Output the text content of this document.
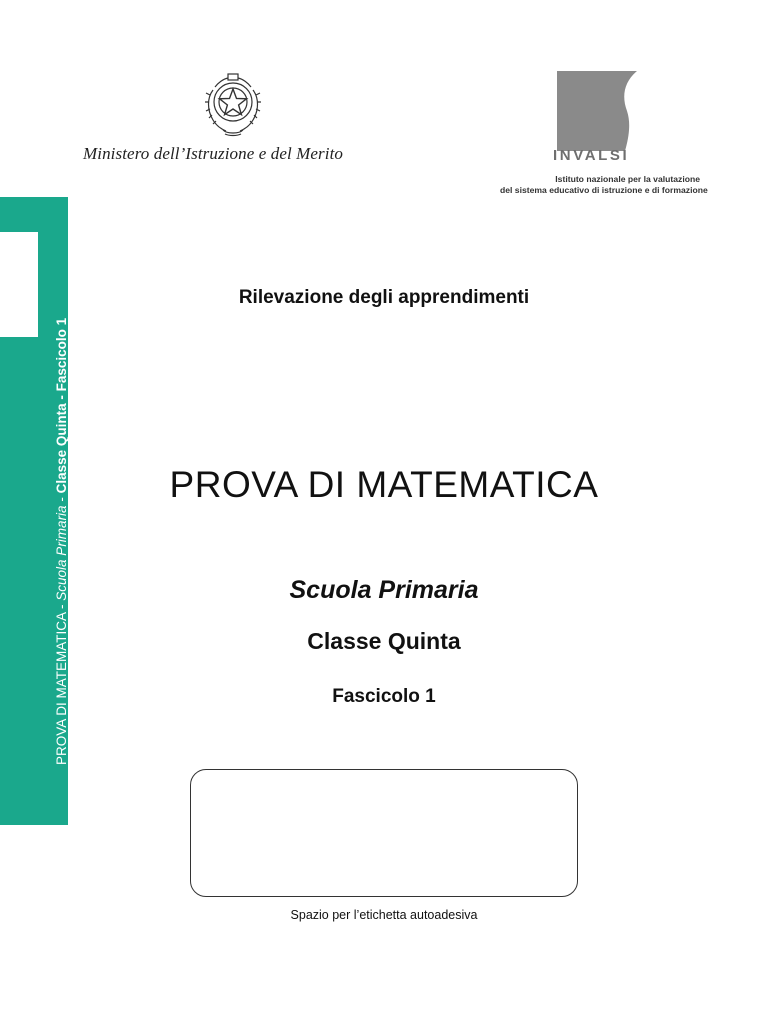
PROVA DI MATEMATICA - Scuola Primaria - Classe Quinta - Fascicolo 1
Ministero dell’Istruzione e del Merito	INVALSI
Istituto nazionale per la valutazione
del sistema educativo di istruzione e di formazione
Rilevazione degli apprendimenti
PROVA DI MATEMATICA
Scuola Primaria
Classe Quinta
Fascicolo 1
Spazio per l’etichetta autoadesiva
